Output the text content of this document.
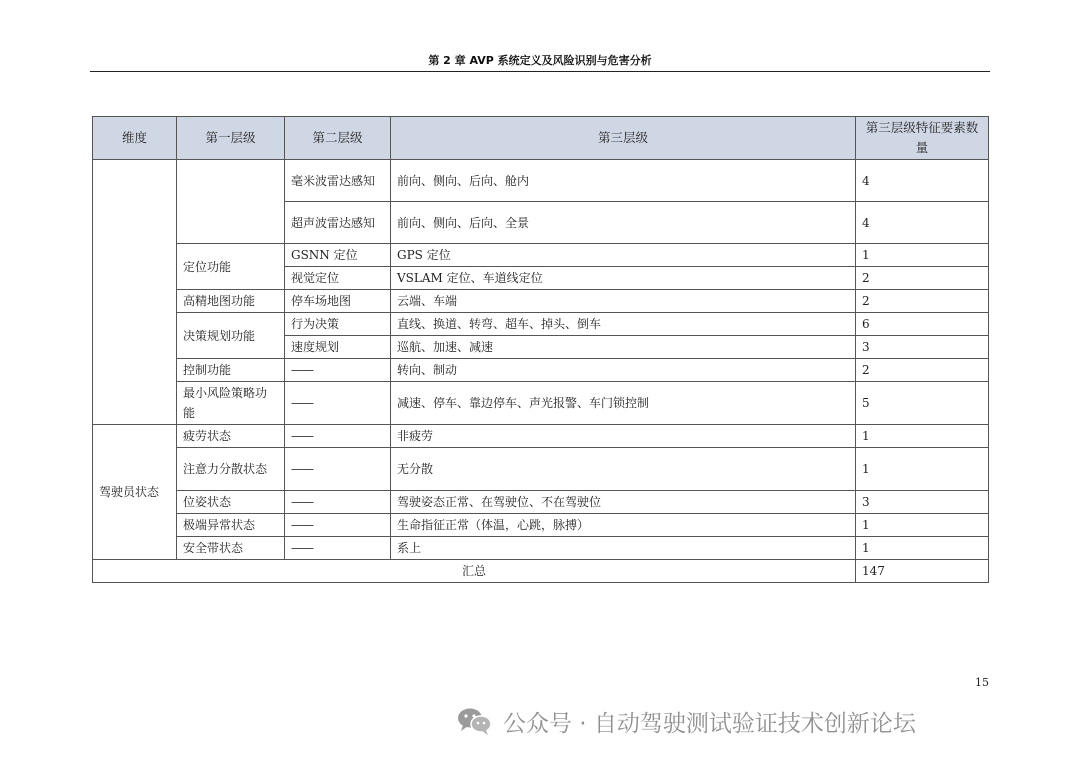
第 2 章 AVP 系统定义及风险识别与危害分析
维度	第一层级	第二层级	第三层级	第三层级特征要素数量
		毫米波雷达感知	前向、侧向、后向、舱内	4
		超声波雷达感知	前向、侧向、后向、全景	4
	定位功能	GSNN 定位	GPS 定位	1
		视觉定位	VSLAM 定位、车道线定位	2
	高精地图功能	停车场地图	云端、车端	2
	决策规划功能	行为决策	直线、换道、转弯、超车、掉头、倒车	6
		速度规划	巡航、加速、减速	3
	控制功能	——	转向、制动	2
	最小风险策略功能	——	减速、停车、靠边停车、声光报警、车门锁控制	5
驾驶员状态	疲劳状态	——	非疲劳	1
	注意力分散状态	——	无分散	1
	位姿状态	——	驾驶姿态正常、在驾驶位、不在驾驶位	3
	极端异常状态	——	生命指征正常（体温，心跳，脉搏）	1
	安全带状态	——	系上	1
汇总				147
15
公众号 · 自动驾驶测试验证技术创新论坛
